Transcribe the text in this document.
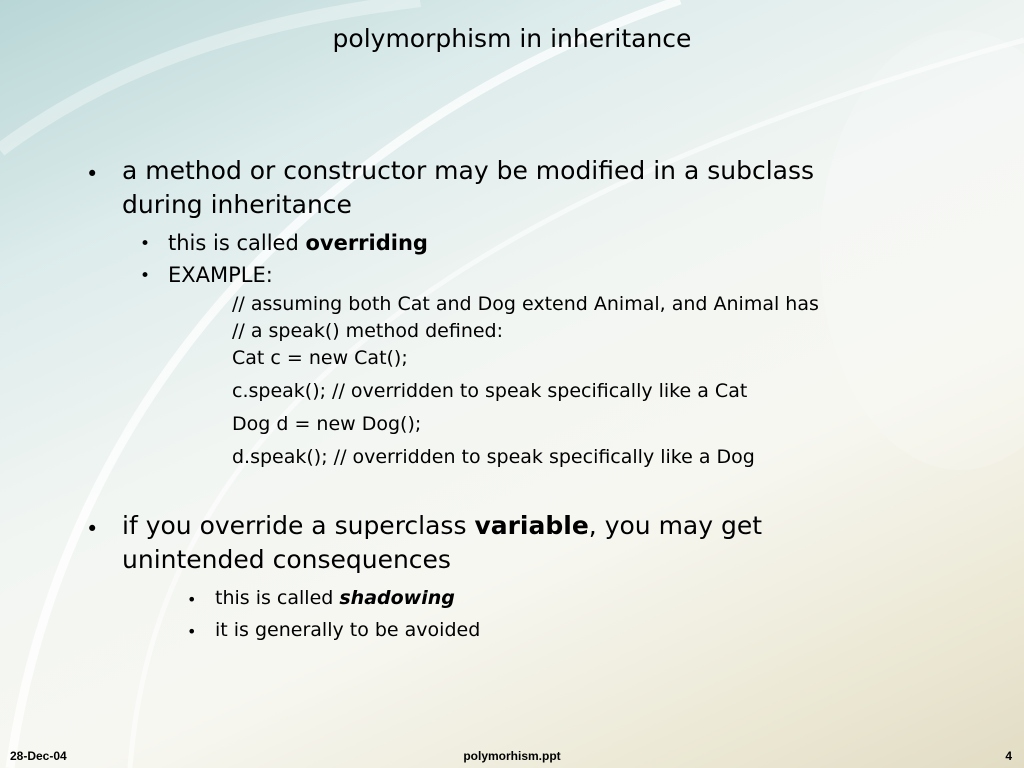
polymorphism in inheritance
• a method or constructor may be modified in a subclass
during inheritance
• this is called overriding
• EXAMPLE:
// assuming both Cat and Dog extend Animal, and Animal has
// a speak() method defined:
Cat c = new Cat();
c.speak(); // overridden to speak specifically like a Cat
Dog d = new Dog();
d.speak(); // overridden to speak specifically like a Dog
• if you override a superclass variable, you may get
unintended consequences
• this is called shadowing
• it is generally to be avoided
28-Dec-04	polymorhism.ppt	4
